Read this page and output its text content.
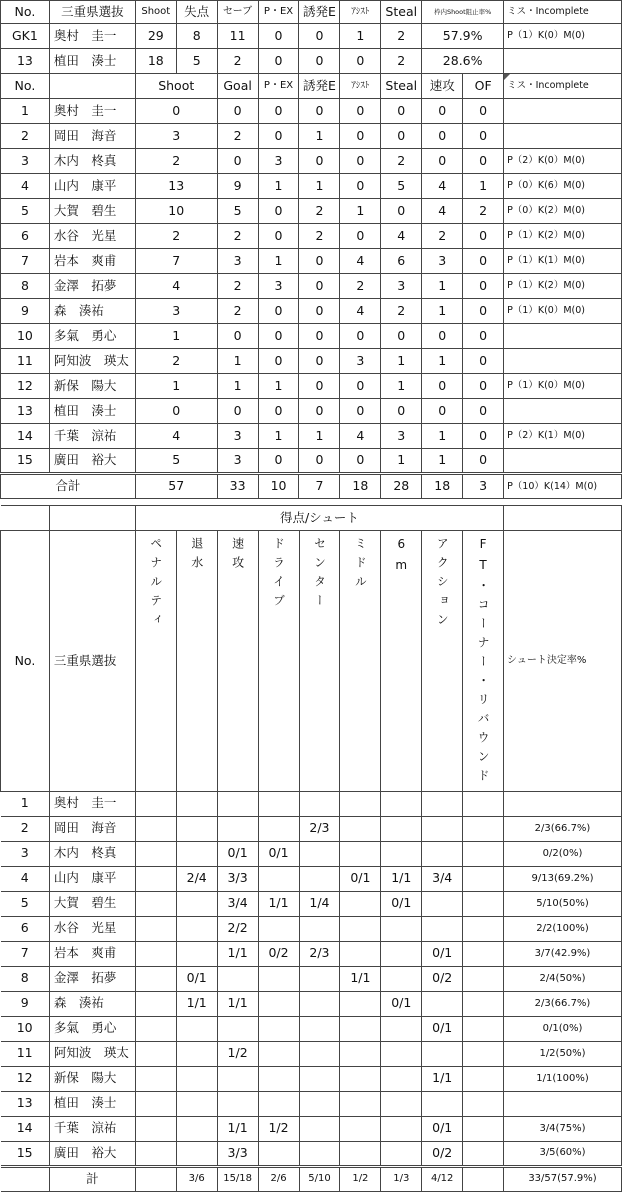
No.	三重県選抜	Shoot	失点	セーブ	P・EX	誘発E	ｱｼｽﾄ	Steal	枠内Shoot阻止率%		ミス・Incomplete
GK1	奥村　圭一	29	8	11	0	0	1	2	57.9%		P（1）K(0）M(0)
13	植田　湊士	18	5	2	0	0	0	2	28.6%		
No.		Shoot		Goal	P・EX	誘発E	ｱｼｽﾄ	Steal	速攻	OF	ミス・Incomplete
1	奥村　圭一	0		0	0	0	0	0	0	0	
2	岡田　海音	3		2	0	1	0	0	0	0	
3	木内　柊真	2		0	3	0	0	2	0	0	P（2）K(0）M(0)
4	山内　康平	13		9	1	1	0	5	4	1	P（0）K(6）M(0)
5	大賀　碧生	10		5	0	2	1	0	4	2	P（0）K(2）M(0)
6	水谷　光星	2		2	0	2	0	4	2	0	P（1）K(2）M(0)
7	岩本　爽甫	7		3	1	0	4	6	3	0	P（1）K(1）M(0)
8	金澤　拓夢	4		2	3	0	2	3	1	0	P（1）K(2）M(0)
9	森　湊祐	3		2	0	0	4	2	1	0	P（1）K(0）M(0)
10	多氣　勇心	1		0	0	0	0	0	0	0	
11	阿知波　瑛太	2		1	0	0	3	1	1	0	
12	新保　陽大	1		1	1	0	0	1	0	0	P（1）K(0）M(0)
13	植田　湊士	0		0	0	0	0	0	0	0	
14	千葉　涼祐	4		3	1	1	4	3	1	0	P（2）K(1）M(0)
15	廣田　裕大	5		3	0	0	0	1	1	0	
合計		57		33	10	7	18	28	18	3	P（10）K(14）M(0)
		得点/シュート									
No.	三重県選抜	ペナルティ	退水	速攻	ドライブ	センター	ミドル	6m	アクション	FT・コーナー・リバウンド	シュート決定率%
1	奥村　圭一										
2	岡田　海音					2/3					2/3(66.7%)
3	木内　柊真			0/1	0/1						0/2(0%)
4	山内　康平		2/4	3/3			0/1	1/1	3/4		9/13(69.2%)
5	大賀　碧生			3/4	1/1	1/4		0/1			5/10(50%)
6	水谷　光星			2/2							2/2(100%)
7	岩本　爽甫			1/1	0/2	2/3			0/1		3/7(42.9%)
8	金澤　拓夢		0/1				1/1		0/2		2/4(50%)
9	森　湊祐		1/1	1/1				0/1			2/3(66.7%)
10	多氣　勇心								0/1		0/1(0%)
11	阿知波　瑛太			1/2							1/2(50%)
12	新保　陽大								1/1		1/1(100%)
13	植田　湊士										
14	千葉　涼祐			1/1	1/2				0/1		3/4(75%)
15	廣田　裕大			3/3					0/2		3/5(60%)
	計		3/6	15/18	2/6	5/10	1/2	1/3	4/12		33/57(57.9%)
